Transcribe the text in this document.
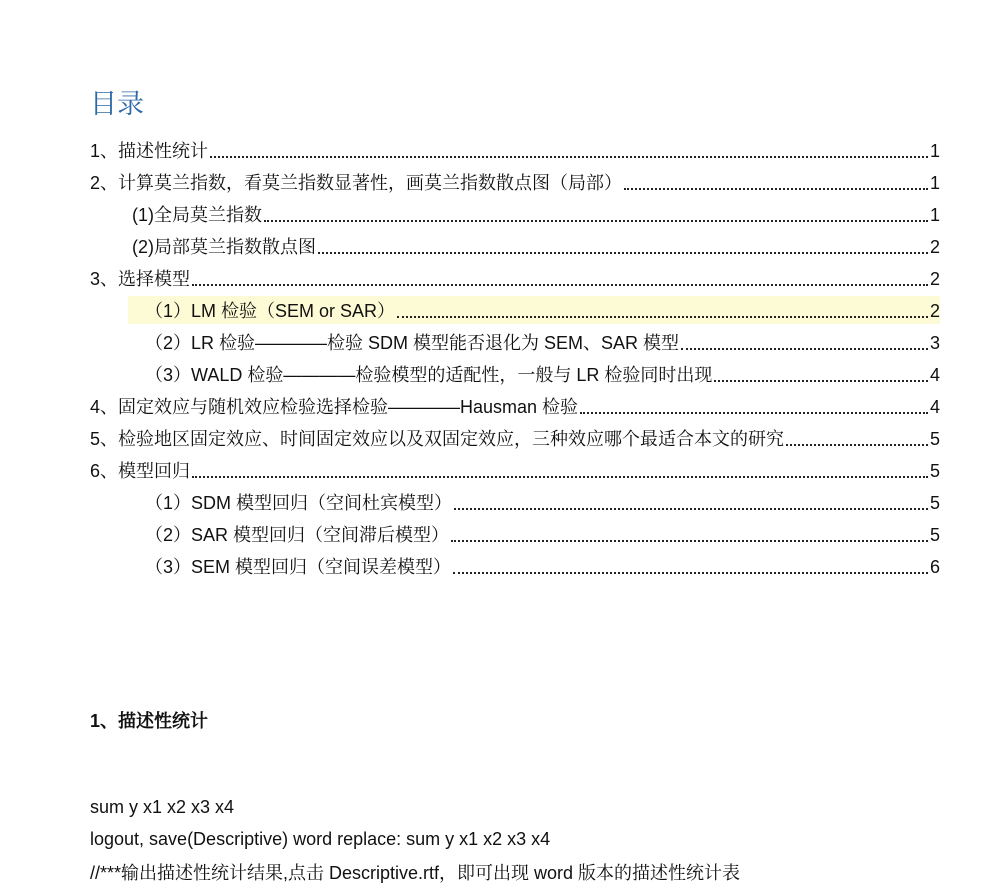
目录
1、描述性统计	1
2、计算莫兰指数，看莫兰指数显著性，画莫兰指数散点图（局部）	1
(1)全局莫兰指数	1
(2)局部莫兰指数散点图	2
3、选择模型	2
（1）LM 检验（SEM or SAR）	2
（2）LR 检验————检验 SDM 模型能否退化为 SEM、SAR 模型	3
（3）WALD 检验————检验模型的适配性，一般与 LR 检验同时出现	4
4、固定效应与随机效应检验选择检验————Hausman 检验	4
5、检验地区固定效应、时间固定效应以及双固定效应，三种效应哪个最适合本文的研究	5
6、模型回归	5
（1）SDM 模型回归（空间杜宾模型）	5
（2）SAR 模型回归（空间滞后模型）	5
（3）SEM 模型回归（空间误差模型）	6
1、描述性统计

sum y x1 x2 x3 x4

logout, save(Descriptive) word replace: sum y x1 x2 x3 x4

//***输出描述性统计结果,点击 Descriptive.rtf，即可出现 word 版本的描述性统计表
